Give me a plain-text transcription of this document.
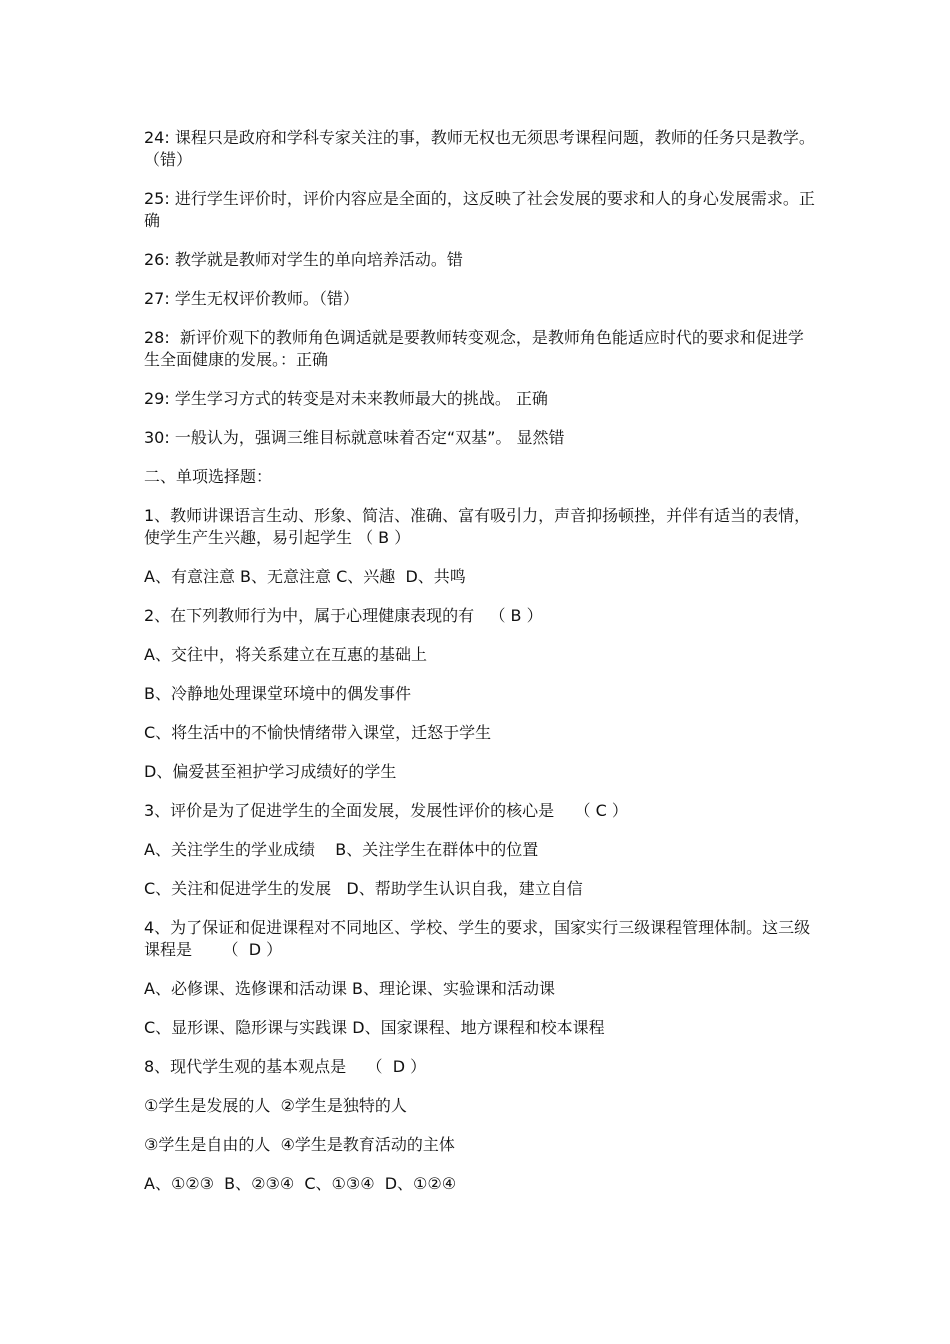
24: 课程只是政府和学科专家关注的事，教师无权也无须思考课程问题，教师的任务只是教学。（错）

25: 进行学生评价时，评价内容应是全面的，这反映了社会发展的要求和人的身心发展需求。正确

26: 教学就是教师对学生的单向培养活动。错

27: 学生无权评价教师。（错）

28:  新评价观下的教师角色调适就是要教师转变观念，是教师角色能适应时代的要求和促进学生全面健康的发展。：正确

29: 学生学习方式的转变是对未来教师最大的挑战。 正确

30: 一般认为，强调三维目标就意味着否定“双基”。 显然错

二、单项选择题：

1、教师讲课语言生动、形象、简洁、准确、富有吸引力，声音抑扬顿挫，并伴有适当的表情，使学生产生兴趣，易引起学生 （ B ）

A、有意注意 B、无意注意 C、兴趣  D、共鸣

2、在下列教师行为中，属于心理健康表现的有   （ B ）

A、交往中，将关系建立在互惠的基础上

B、冷静地处理课堂环境中的偶发事件

C、将生活中的不愉快情绪带入课堂，迁怒于学生

D、偏爱甚至袒护学习成绩好的学生

3、评价是为了促进学生的全面发展，发展性评价的核心是    （ C ）

A、关注学生的学业成绩    B、关注学生在群体中的位置

C、关注和促进学生的发展   D、帮助学生认识自我，建立自信

4、为了保证和促进课程对不同地区、学校、学生的要求，国家实行三级课程管理体制。这三级课程是      （  D ）

A、必修课、选修课和活动课 B、理论课、实验课和活动课

C、显形课、隐形课与实践课 D、国家课程、地方课程和校本课程

8、现代学生观的基本观点是    （  D ）

①学生是发展的人  ②学生是独特的人

③学生是自由的人  ④学生是教育活动的主体

A、①②③  B、②③④  C、①③④  D、①②④
